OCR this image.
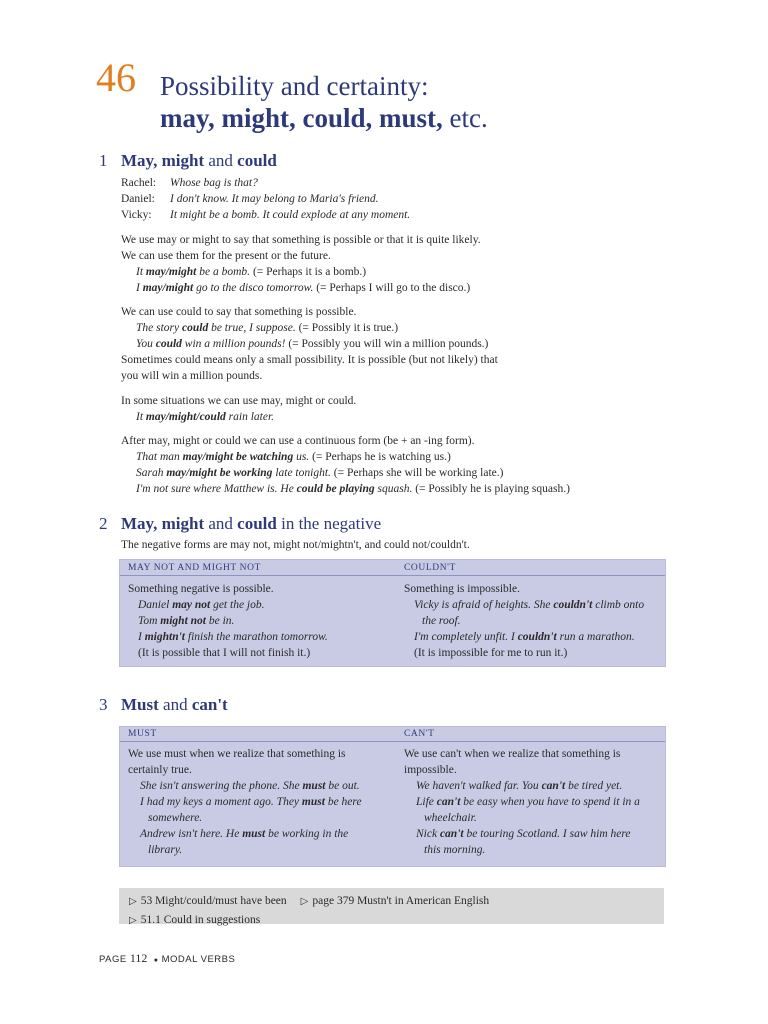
46 Possibility and certainty:
may, might, could, must, etc.
1 May, might and could
Rachel: Whose bag is that?
Daniel: I don't know. It may belong to Maria's friend.
Vicky: It might be a bomb. It could explode at any moment.
We use may or might to say that something is possible or that it is quite likely.
We can use them for the present or the future.
It may/might be a bomb. (= Perhaps it is a bomb.)
I may/might go to the disco tomorrow. (= Perhaps I will go to the disco.)
We can use could to say that something is possible.
The story could be true, I suppose. (= Possibly it is true.)
You could win a million pounds! (= Possibly you will win a million pounds.)
Sometimes could means only a small possibility. It is possible (but not likely) that
you will win a million pounds.
In some situations we can use may, might or could.
It may/might/could rain later.
After may, might or could we can use a continuous form (be + an -ing form).
That man may/might be watching us. (= Perhaps he is watching us.)
Sarah may/might be working late tonight. (= Perhaps she will be working late.)
I'm not sure where Matthew is. He could be playing squash. (= Possibly he is playing squash.)
2 May, might and could in the negative
The negative forms are may not, might not/mightn't, and could not/couldn't.
MAY NOT AND MIGHT NOT	COULDN'T
Something negative is possible.
Daniel may not get the job.
Tom might not be in.
I mightn't finish the marathon tomorrow.
(It is possible that I will not finish it.)
Something is impossible.
Vicky is afraid of heights. She couldn't climb onto
the roof.
I'm completely unfit. I couldn't run a marathon.
(It is impossible for me to run it.)
3 Must and can't
MUST	CAN'T
We use must when we realize that something is
certainly true.
She isn't answering the phone. She must be out.
I had my keys a moment ago. They must be here
somewhere.
Andrew isn't here. He must be working in the
library.
We use can't when we realize that something is
impossible.
We haven't walked far. You can't be tired yet.
Life can't be easy when you have to spend it in a
wheelchair.
Nick can't be touring Scotland. I saw him here
this morning.
▷ 53 Might/could/must have been ▷ page 379 Mustn't in American English
▷ 51.1 Could in suggestions
PAGE 112 ● MODAL VERBS
